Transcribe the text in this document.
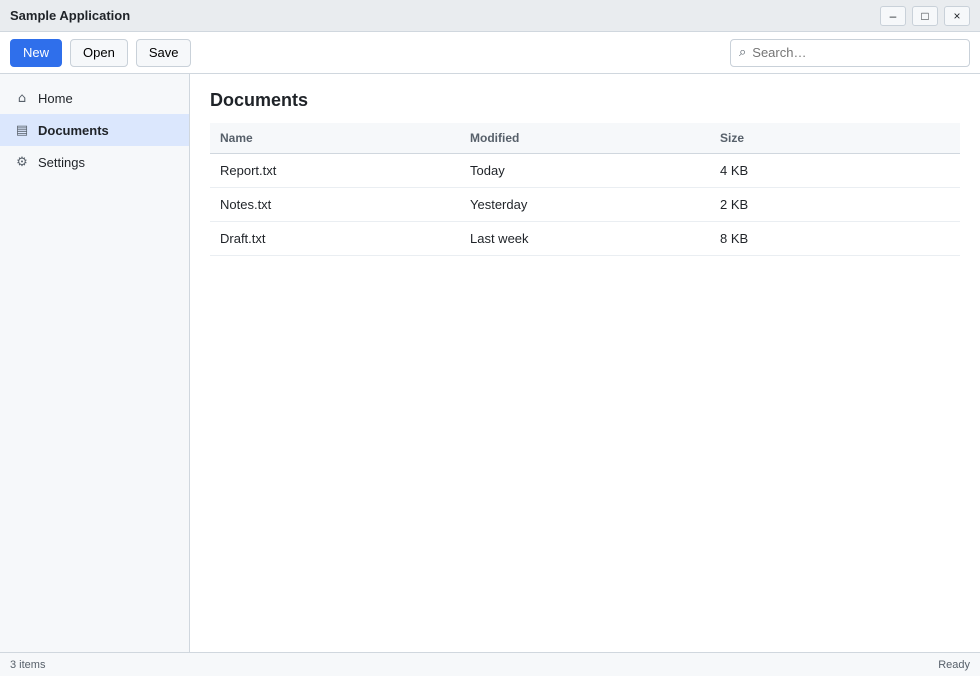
Sample Application	–	□	×
New	Open	Save	⌕
Search…
⌂ Home
▤ Documents
⚙ Settings
Documents
Name	Modified	Size
Report.txt	Today	4 KB
Notes.txt	Yesterday	2 KB
Draft.txt	Last week	8 KB
3 items	Ready
